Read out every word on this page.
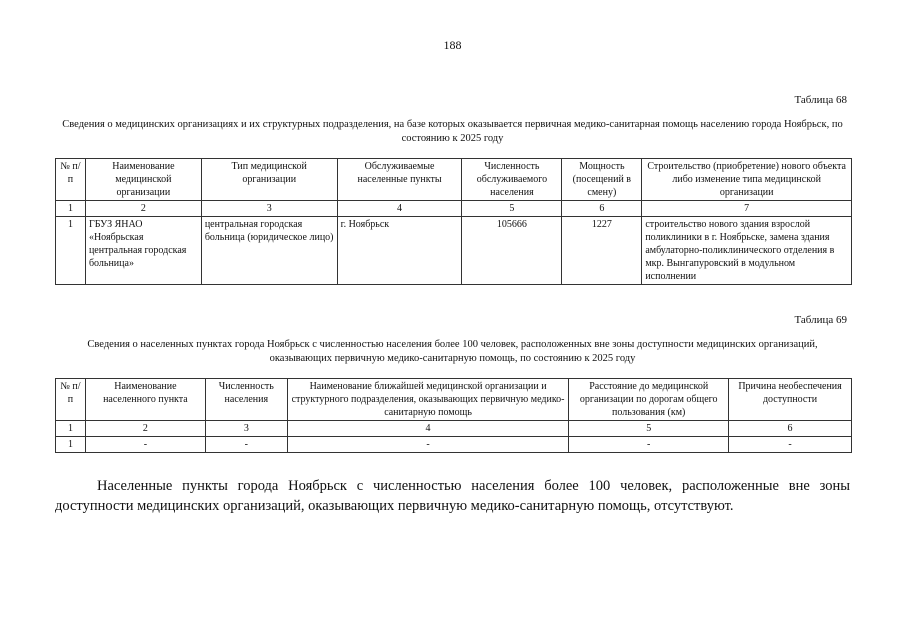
188
Таблица 68
Сведения о медицинских организациях и их структурных подразделения, на базе которых оказывается первичная медико-санитарная помощь населению города Ноябрьск, по состоянию к 2025 году
№ п/п	Наименование медицинской организации	Тип медицинской организации	Обслуживаемые населенные пункты	Численность обслуживаемого населения	Мощность (посещений в смену)	Строительство (приобретение) нового объекта либо изменение типа медицинской организации
1	2	3	4	5	6	7
1	ГБУЗ ЯНАО «Ноябрьская центральная городская больница»	центральная городская больница (юридическое лицо)	г. Ноябрьск	105666	1227	строительство нового здания взрослой поликлиники в г. Ноябрьске, замена здания амбулаторно-поликлинического отделения в мкр. Вынгапуровский в модульном исполнении
Таблица 69
Сведения о населенных пунктах города Ноябрьск с численностью населения более 100 человек, расположенных вне зоны доступности медицинских организаций, оказывающих первичную медико-санитарную помощь, по состоянию к 2025 году
№ п/п	Наименование населенного пункта	Численность населения	Наименование ближайшей медицинской организации и структурного подразделения, оказывающих первичную медико-санитарную помощь	Расстояние до медицинской организации по дорогам общего пользования (км)	Причина необеспечения доступности
1	2	3	4	5	6
1	-	-	-	-	-
Населенные пункты города Ноябрьск с численностью населения более 100 человек, расположенные вне зоны доступности медицинских организаций, оказывающих первичную медико-санитарную помощь, отсутствуют.
